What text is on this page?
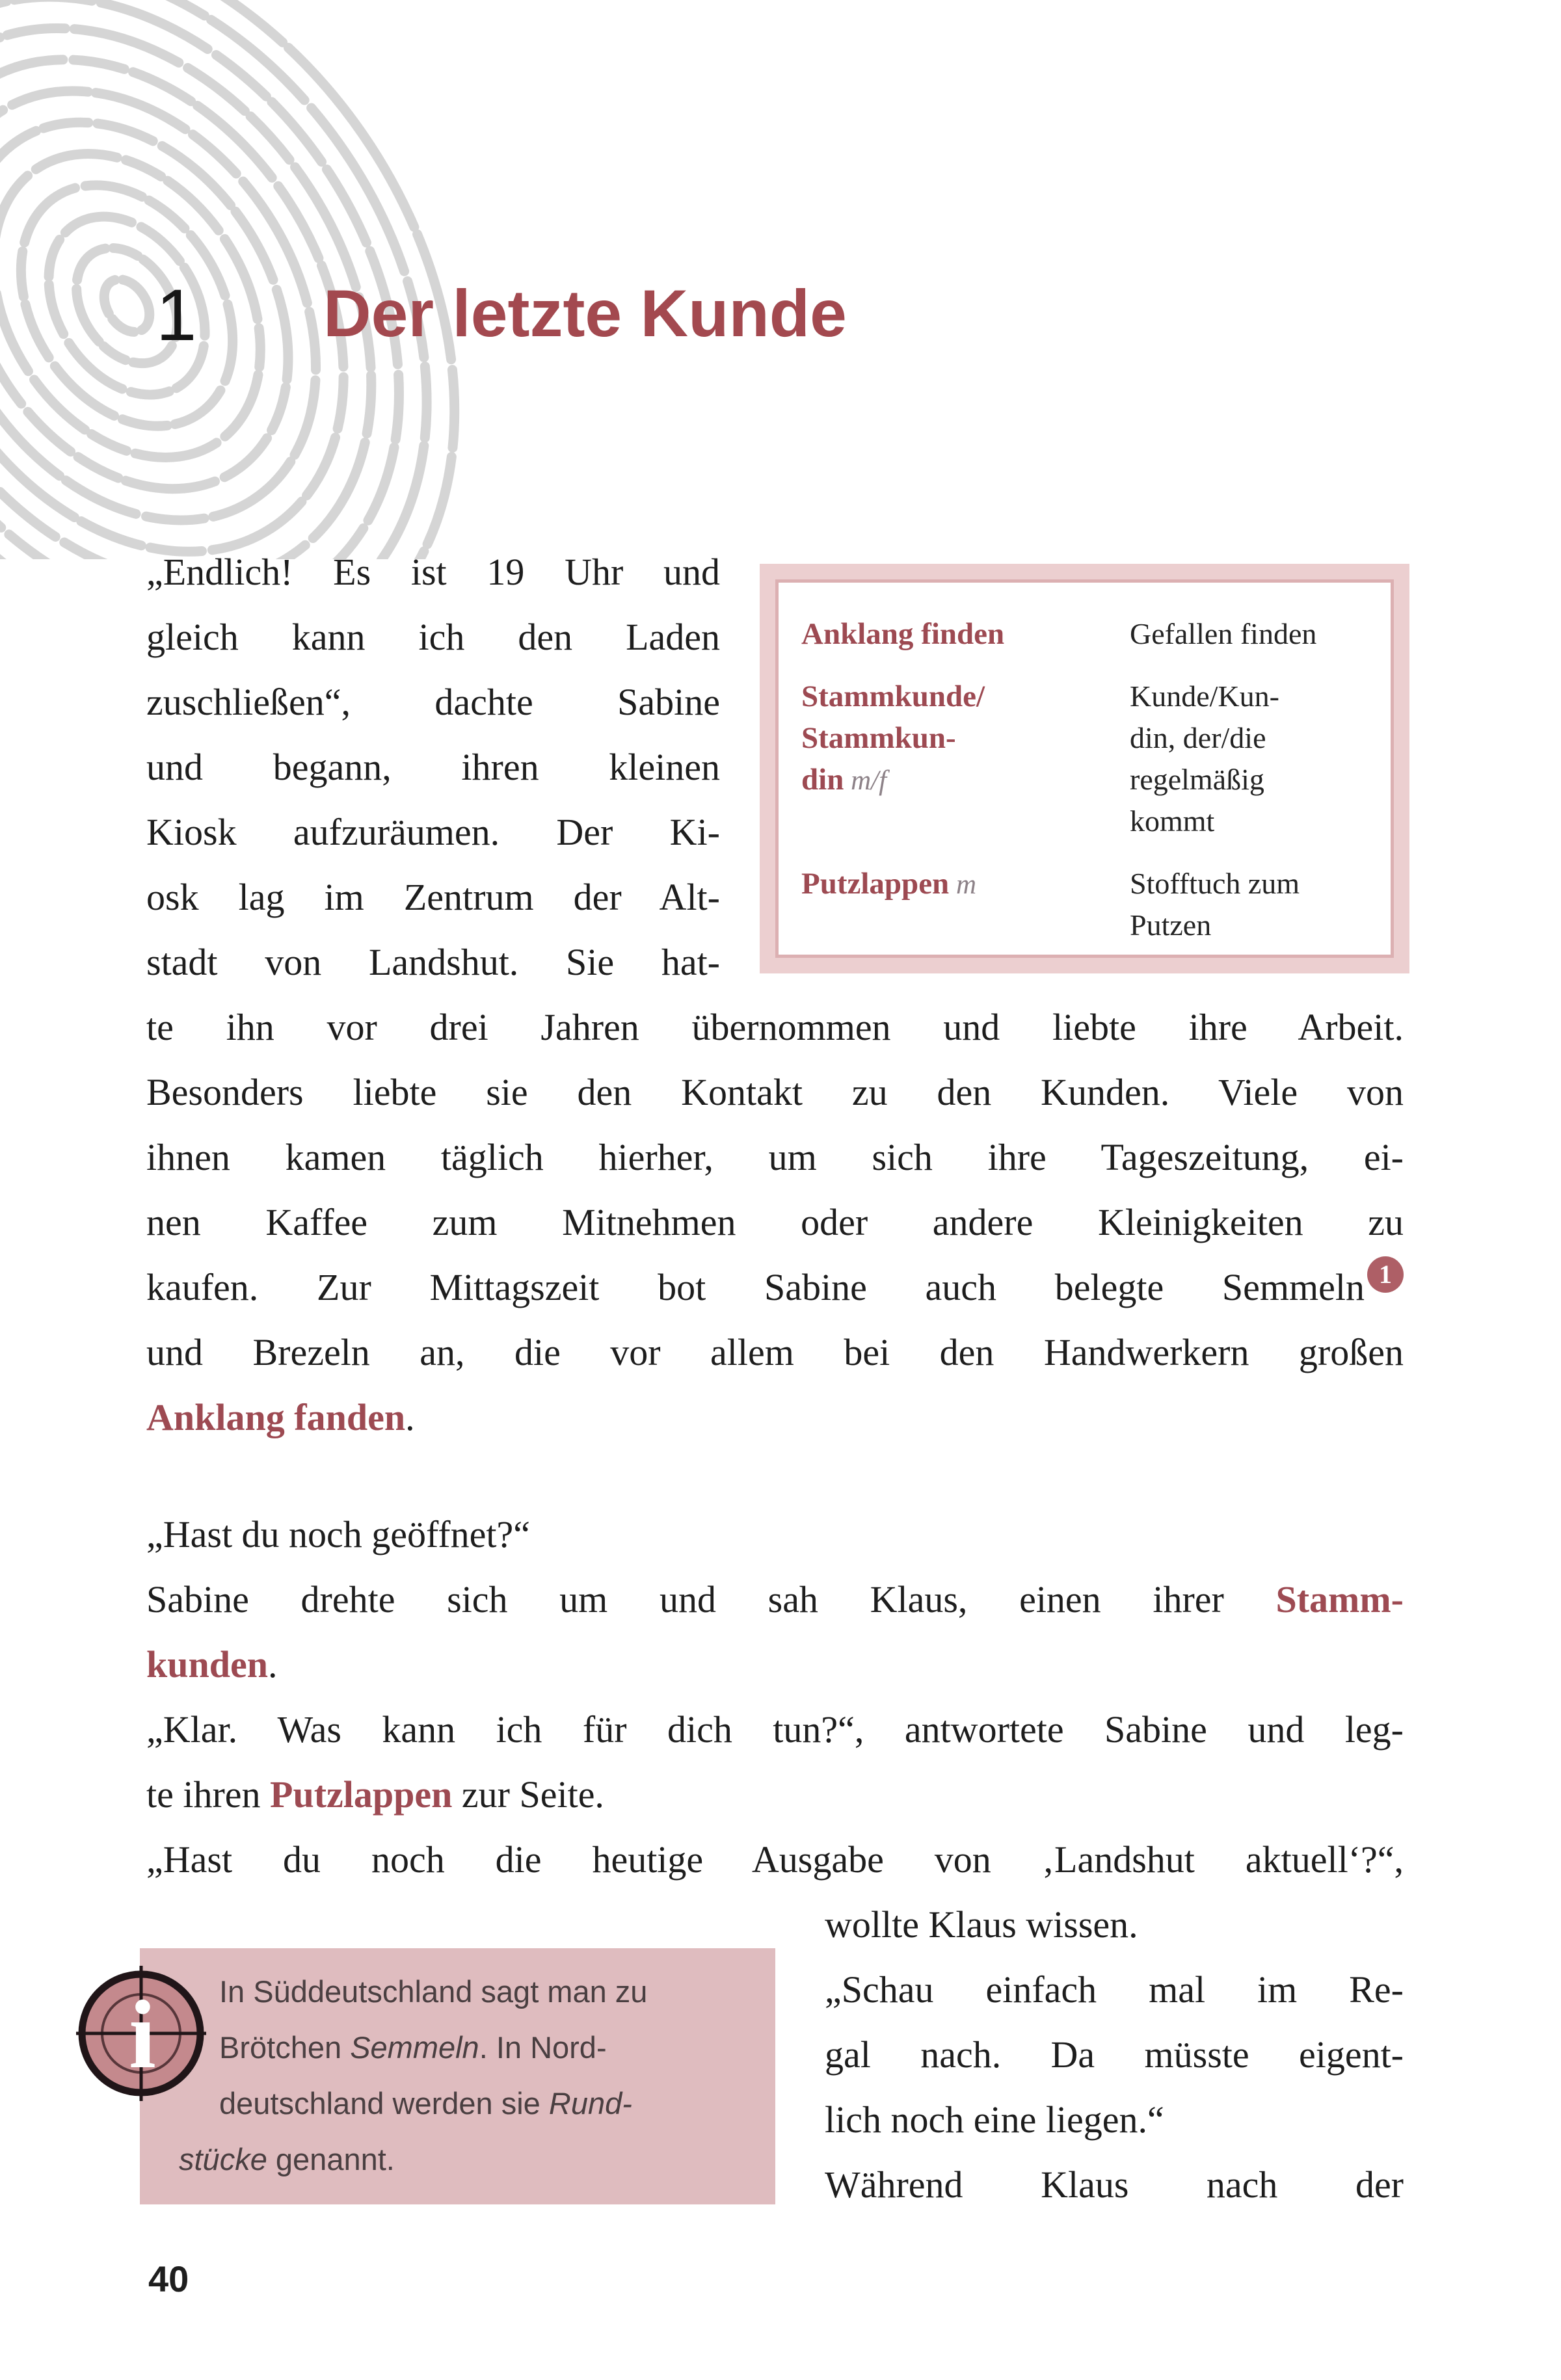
1 Der letzte Kunde
„Endlich! Es ist 19 Uhr und
gleich kann ich den Laden
zuschließen“, dachte Sabine
und begann, ihren kleinen
Kiosk aufzuräumen. Der Ki-
osk lag im Zentrum der Alt-
stadt von Landshut. Sie hat-
te ihn vor drei Jahren übernommen und liebte ihre Arbeit.
Besonders liebte sie den Kontakt zu den Kunden. Viele von
ihnen kamen täglich hierher, um sich ihre Tageszeitung, ei-
nen Kaffee zum Mitnehmen oder andere Kleinigkeiten zu
kaufen. Zur Mittagszeit bot Sabine auch belegte Semmeln 1
und Brezeln an, die vor allem bei den Handwerkern großen
Anklang fanden.
„Hast du noch geöffnet?“
Sabine drehte sich um und sah Klaus, einen ihrer Stamm-
kunden.
„Klar. Was kann ich für dich tun?“, antwortete Sabine und leg-
te ihren Putzlappen zur Seite.
„Hast du noch die heutige Ausgabe von ‚Landshut aktuell‘?“,
wollte Klaus wissen.
„Schau einfach mal im Re-
gal nach. Da müsste eigent-
lich noch eine liegen.“
Während Klaus nach der
Anklang finden	Gefallen finden
Stammkunde/
Stammkun-
din m/f
Kunde/Kun-
din, der/die
regelmäßig
kommt
Putzlappen m	Stofftuch zum
Putzen
In Süddeutschland sagt man zu
Brötchen Semmeln. In Nord-
deutschland werden sie Rund-
stücke genannt.
i
40
